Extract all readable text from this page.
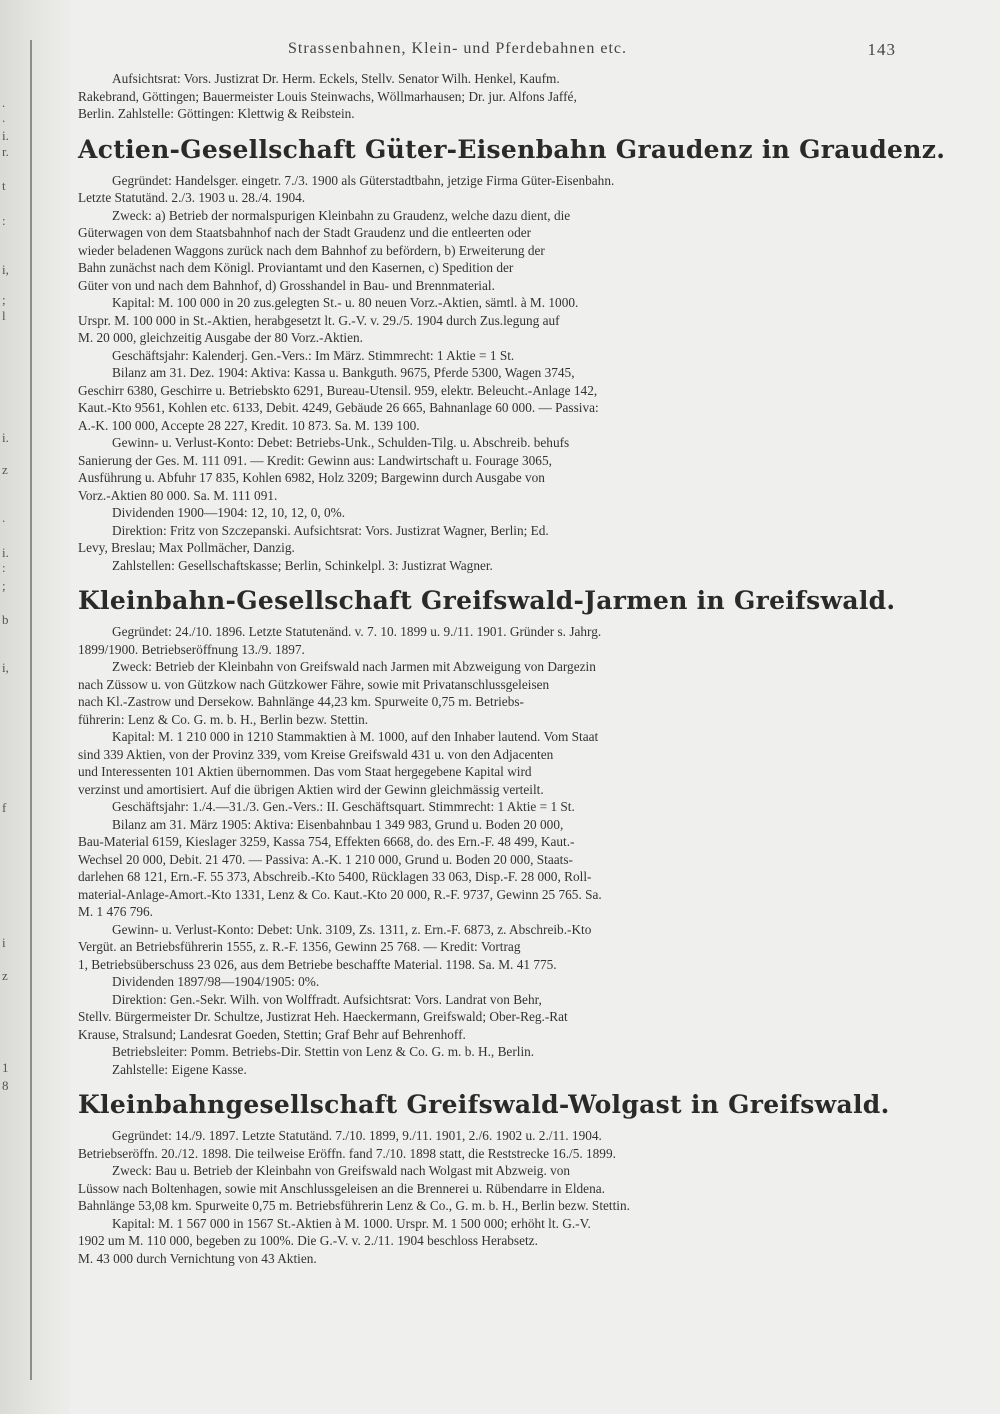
.
.
i.
r.
t
:
i,
;
l
i.
z
.
i.
:
;
b
i,
f
i
z
1
8
Strassenbahnen, Klein- und Pferdebahnen etc.	143

Aufsichtsrat: Vors. Justizrat Dr. Herm. Eckels, Stellv. Senator Wilh. Henkel, Kaufm.

Rakebrand, Göttingen; Bauermeister Louis Steinwachs, Wöllmarhausen; Dr. jur. Alfons Jaffé,

Berlin. Zahlstelle: Göttingen: Klettwig & Reibstein.

Actien-Gesellschaft Güter-Eisenbahn Graudenz in Graudenz.

Gegründet: Handelsger. eingetr. 7./3. 1900 als Güterstadtbahn, jetzige Firma Güter-Eisenbahn.

Letzte Statutänd. 2./3. 1903 u. 28./4. 1904.

Zweck: a) Betrieb der normalspurigen Kleinbahn zu Graudenz, welche dazu dient, die

Güterwagen von dem Staatsbahnhof nach der Stadt Graudenz und die entleerten oder

wieder beladenen Waggons zurück nach dem Bahnhof zu befördern, b) Erweiterung der

Bahn zunächst nach dem Königl. Proviantamt und den Kasernen, c) Spedition der

Güter von und nach dem Bahnhof, d) Grosshandel in Bau- und Brennmaterial.

Kapital: M. 100 000 in 20 zus.gelegten St.- u. 80 neuen Vorz.-Aktien, sämtl. à M. 1000.

Urspr. M. 100 000 in St.-Aktien, herabgesetzt lt. G.-V. v. 29./5. 1904 durch Zus.legung auf

M. 20 000, gleichzeitig Ausgabe der 80 Vorz.-Aktien.

Geschäftsjahr: Kalenderj. Gen.-Vers.: Im März. Stimmrecht: 1 Aktie = 1 St.

Bilanz am 31. Dez. 1904: Aktiva: Kassa u. Bankguth. 9675, Pferde 5300, Wagen 3745,

Geschirr 6380, Geschirre u. Betriebskto 6291, Bureau-Utensil. 959, elektr. Beleucht.-Anlage 142,

Kaut.-Kto 9561, Kohlen etc. 6133, Debit. 4249, Gebäude 26 665, Bahnanlage 60 000. — Passiva:

A.-K. 100 000, Accepte 28 227, Kredit. 10 873. Sa. M. 139 100.

Gewinn- u. Verlust-Konto: Debet: Betriebs-Unk., Schulden-Tilg. u. Abschreib. behufs

Sanierung der Ges. M. 111 091. — Kredit: Gewinn aus: Landwirtschaft u. Fourage 3065,

Ausführung u. Abfuhr 17 835, Kohlen 6982, Holz 3209; Bargewinn durch Ausgabe von

Vorz.-Aktien 80 000. Sa. M. 111 091.

Dividenden 1900—1904: 12, 10, 12, 0, 0%.

Direktion: Fritz von Szczepanski. Aufsichtsrat: Vors. Justizrat Wagner, Berlin; Ed.

Levy, Breslau; Max Pollmächer, Danzig.

Zahlstellen: Gesellschaftskasse; Berlin, Schinkelpl. 3: Justizrat Wagner.

Kleinbahn-Gesellschaft Greifswald-Jarmen in Greifswald.

Gegründet: 24./10. 1896. Letzte Statutenänd. v. 7. 10. 1899 u. 9./11. 1901. Gründer s. Jahrg.

1899/1900. Betriebseröffnung 13./9. 1897.

Zweck: Betrieb der Kleinbahn von Greifswald nach Jarmen mit Abzweigung von Dargezin

nach Züssow u. von Gützkow nach Gützkower Fähre, sowie mit Privatanschlussgeleisen

nach Kl.-Zastrow und Dersekow. Bahnlänge 44,23 km. Spurweite 0,75 m. Betriebs-

führerin: Lenz & Co. G. m. b. H., Berlin bezw. Stettin.

Kapital: M. 1 210 000 in 1210 Stammaktien à M. 1000, auf den Inhaber lautend. Vom Staat

sind 339 Aktien, von der Provinz 339, vom Kreise Greifswald 431 u. von den Adjacenten

und Interessenten 101 Aktien übernommen. Das vom Staat hergegebene Kapital wird

verzinst und amortisiert. Auf die übrigen Aktien wird der Gewinn gleichmässig verteilt.

Geschäftsjahr: 1./4.—31./3. Gen.-Vers.: II. Geschäftsquart. Stimmrecht: 1 Aktie = 1 St.

Bilanz am 31. März 1905: Aktiva: Eisenbahnbau 1 349 983, Grund u. Boden 20 000,

Bau-Material 6159, Kieslager 3259, Kassa 754, Effekten 6668, do. des Ern.-F. 48 499, Kaut.-

Wechsel 20 000, Debit. 21 470. — Passiva: A.-K. 1 210 000, Grund u. Boden 20 000, Staats-

darlehen 68 121, Ern.-F. 55 373, Abschreib.-Kto 5400, Rücklagen 33 063, Disp.-F. 28 000, Roll-

material-Anlage-Amort.-Kto 1331, Lenz & Co. Kaut.-Kto 20 000, R.-F. 9737, Gewinn 25 765. Sa.

M. 1 476 796.

Gewinn- u. Verlust-Konto: Debet: Unk. 3109, Zs. 1311, z. Ern.-F. 6873, z. Abschreib.-Kto

Vergüt. an Betriebsführerin 1555, z. R.-F. 1356, Gewinn 25 768. — Kredit: Vortrag

1, Betriebsüberschuss 23 026, aus dem Betriebe beschaffte Material. 1198. Sa. M. 41 775.

Dividenden 1897/98—1904/1905: 0%.

Direktion: Gen.-Sekr. Wilh. von Wolffradt. Aufsichtsrat: Vors. Landrat von Behr,

Stellv. Bürgermeister Dr. Schultze, Justizrat Heh. Haeckermann, Greifswald; Ober-Reg.-Rat

Krause, Stralsund; Landesrat Goeden, Stettin; Graf Behr auf Behrenhoff.

Betriebsleiter: Pomm. Betriebs-Dir. Stettin von Lenz & Co. G. m. b. H., Berlin.

Zahlstelle: Eigene Kasse.

Kleinbahngesellschaft Greifswald-Wolgast in Greifswald.

Gegründet: 14./9. 1897. Letzte Statutänd. 7./10. 1899, 9./11. 1901, 2./6. 1902 u. 2./11. 1904.

Betriebseröffn. 20./12. 1898. Die teilweise Eröffn. fand 7./10. 1898 statt, die Reststrecke 16./5. 1899.

Zweck: Bau u. Betrieb der Kleinbahn von Greifswald nach Wolgast mit Abzweig. von

Lüssow nach Boltenhagen, sowie mit Anschlussgeleisen an die Brennerei u. Rübendarre in Eldena.

Bahnlänge 53,08 km. Spurweite 0,75 m. Betriebsführerin Lenz & Co., G. m. b. H., Berlin bezw. Stettin.

Kapital: M. 1 567 000 in 1567 St.-Aktien à M. 1000. Urspr. M. 1 500 000; erhöht lt. G.-V.

1902 um M. 110 000, begeben zu 100%. Die G.-V. v. 2./11. 1904 beschloss Herabsetz.

M. 43 000 durch Vernichtung von 43 Aktien.
